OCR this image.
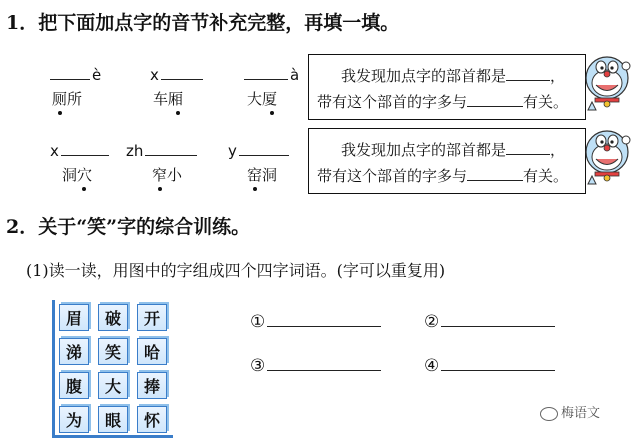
1．把下面加点字的音节补充完整，再填一填。
è	x	à
厕所	车厢	大厦
x	zh	y
洞穴	窄小	窑洞
我发现加点字的部首都是	，
带有这个部首的字多与	有关。
我发现加点字的部首都是	，
带有这个部首的字多与	有关。
2．关于“笑”字的综合训练。
(1)读一读，用图中的字组成四个四字词语。(字可以重复用)
眉	破	开
涕	笑	哈
腹	大	捧
为	眼	怀
①	②
③	④
梅语文
